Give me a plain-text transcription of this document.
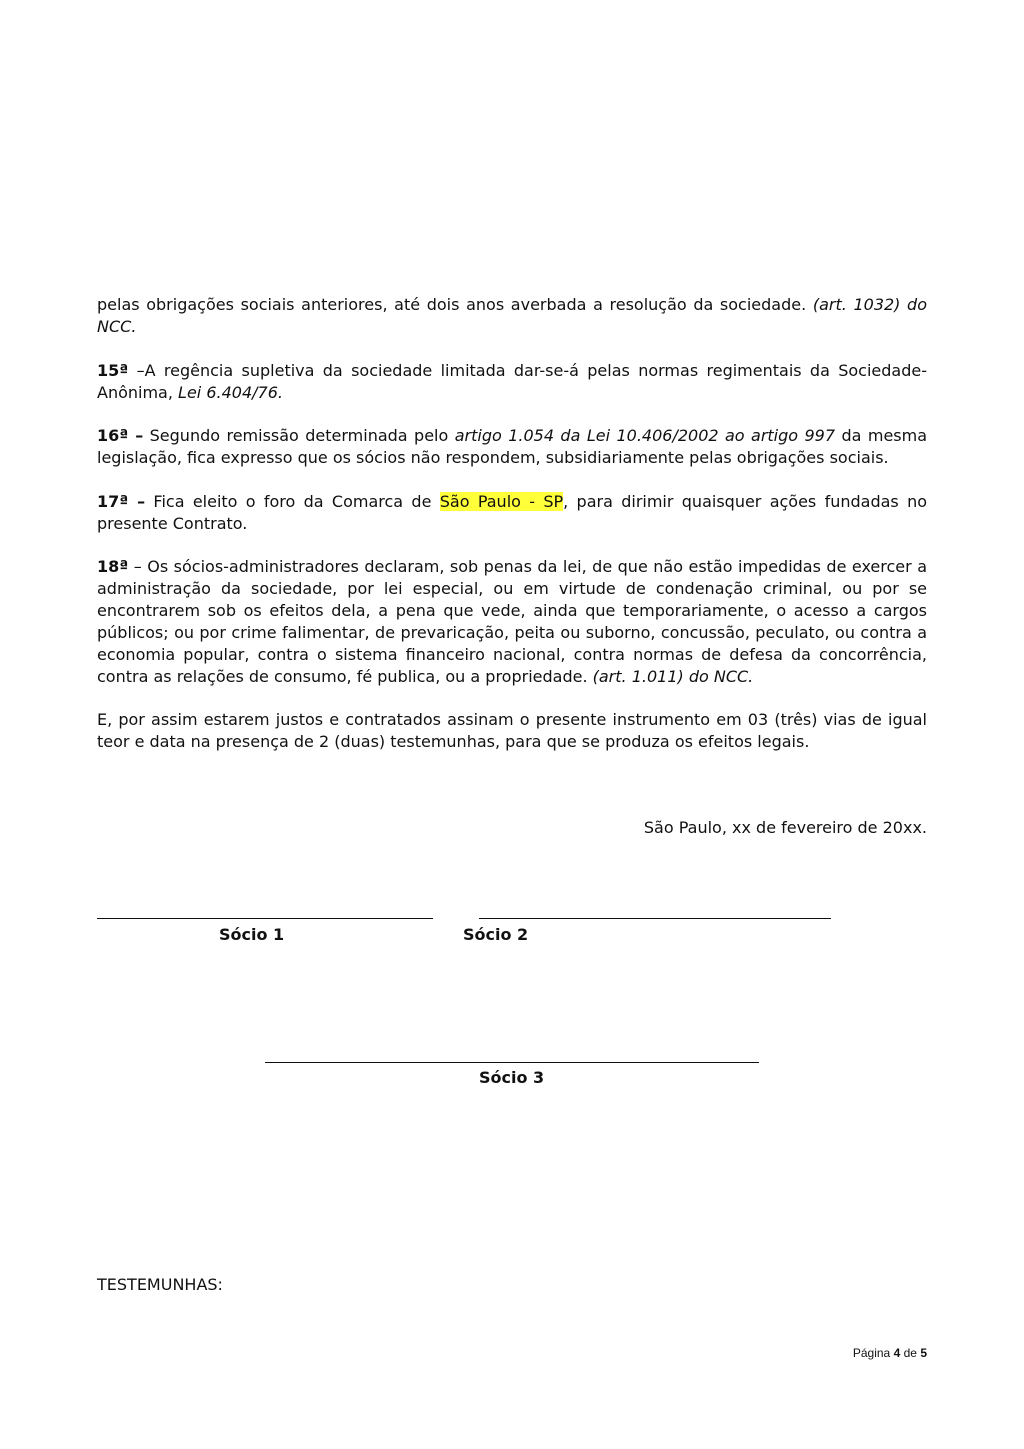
pelas obrigações sociais anteriores, até dois anos averbada a resolução da sociedade. (art. 1032) do NCC.

15ª –A regência supletiva da sociedade limitada dar-se-á pelas normas regimentais da Sociedade-Anônima, Lei 6.404/76.

16ª – Segundo remissão determinada pelo artigo 1.054 da Lei 10.406/2002 ao artigo 997 da mesma legislação, fica expresso que os sócios não respondem, subsidiariamente pelas obrigações sociais.

17ª – Fica eleito o foro da Comarca de São Paulo - SP, para dirimir quaisquer ações fundadas no presente Contrato.

18ª – Os sócios-administradores declaram, sob penas da lei, de que não estão impedidas de exercer a administração da sociedade, por lei especial, ou em virtude de condenação criminal, ou por se encontrarem sob os efeitos dela, a pena que vede, ainda que temporariamente, o acesso a cargos públicos; ou por crime falimentar, de prevaricação, peita ou suborno, concussão, peculato, ou contra a economia popular, contra o sistema financeiro nacional, contra normas de defesa da concorrência, contra as relações de consumo, fé publica, ou a propriedade. (art. 1.011) do NCC.

E, por assim estarem justos e contratados assinam o presente instrumento em 03 (três) vias de igual teor e data na presença de 2 (duas) testemunhas, para que se produza os efeitos legais.

São Paulo, xx de fevereiro de 20xx.
Sócio 1	Sócio 2
Sócio 3
TESTEMUNHAS:
Página 4 de 5
